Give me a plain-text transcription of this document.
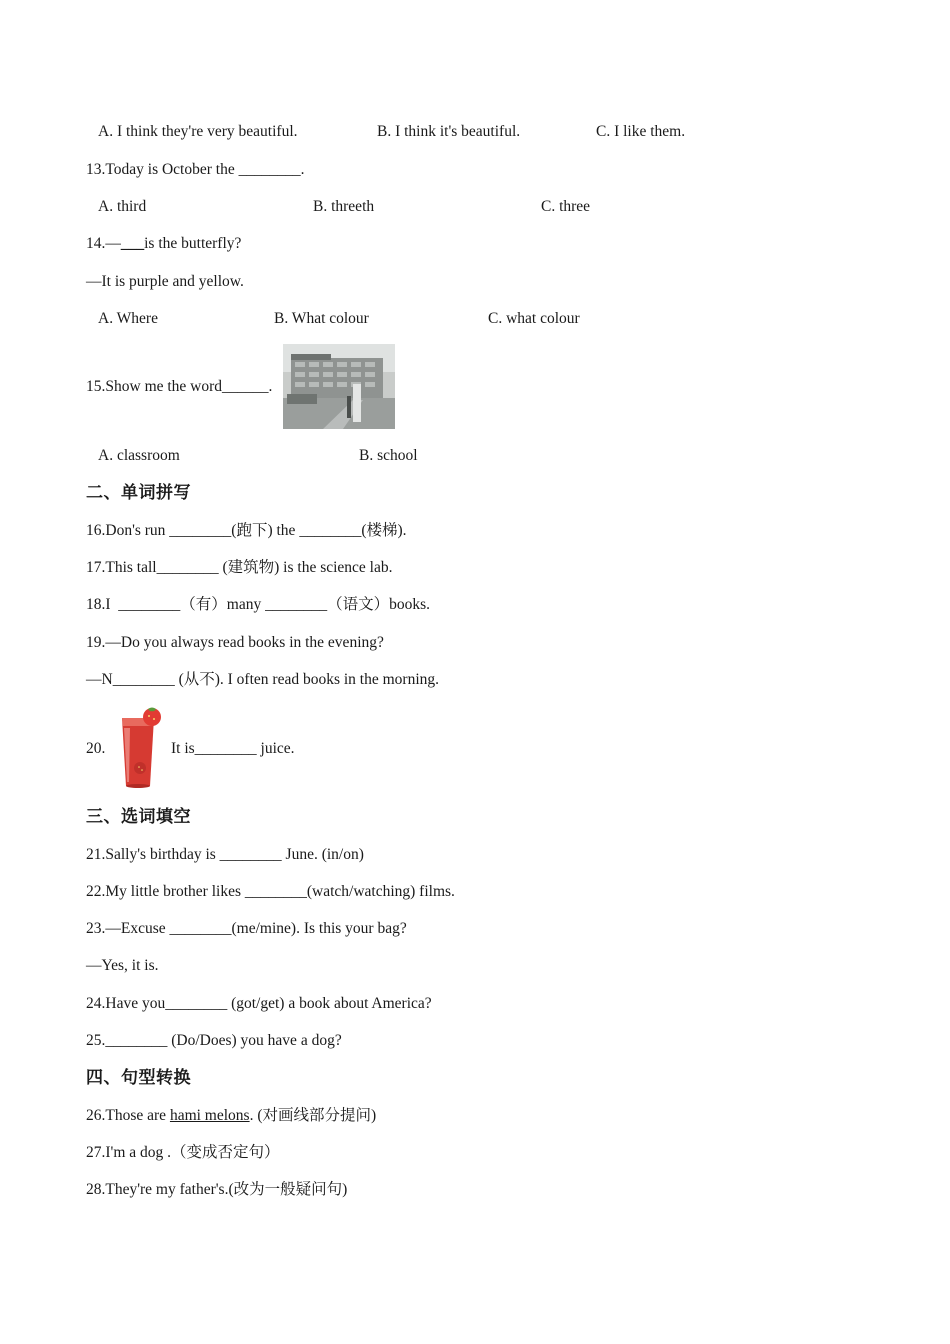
A. I think they're very beautiful.	B. I think it's beautiful.	C. I like them.
13.Today is October the ________.
A. third	B. threeth	C. three
14.—___is the butterfly?
—It is purple and yellow.
A. Where	B. What colour	C. what colour
15.Show me the word______.
A. classroom	B. school
二、单词拼写
16.Don's run ________(跑下) the ________(楼梯).
17.This tall________ (建筑物) is the science lab.
18.I  ________（有）many ________（语文）books.
19.—Do you always read books in the evening?
—N________ (从不). I often read books in the morning.
20.	It is________ juice.
三、选词填空
21.Sally's birthday is ________ June. (in/on)
22.My little brother likes ________(watch/watching) films.
23.—Excuse ________(me/mine). Is this your bag?
—Yes, it is.
24.Have you________ (got/get) a book about America?
25.________ (Do/Does) you have a dog?
四、句型转换
26.Those are hami melons. (对画线部分提问)
27.I'm a dog .（变成否定句）
28.They're my father's.(改为一般疑问句)
